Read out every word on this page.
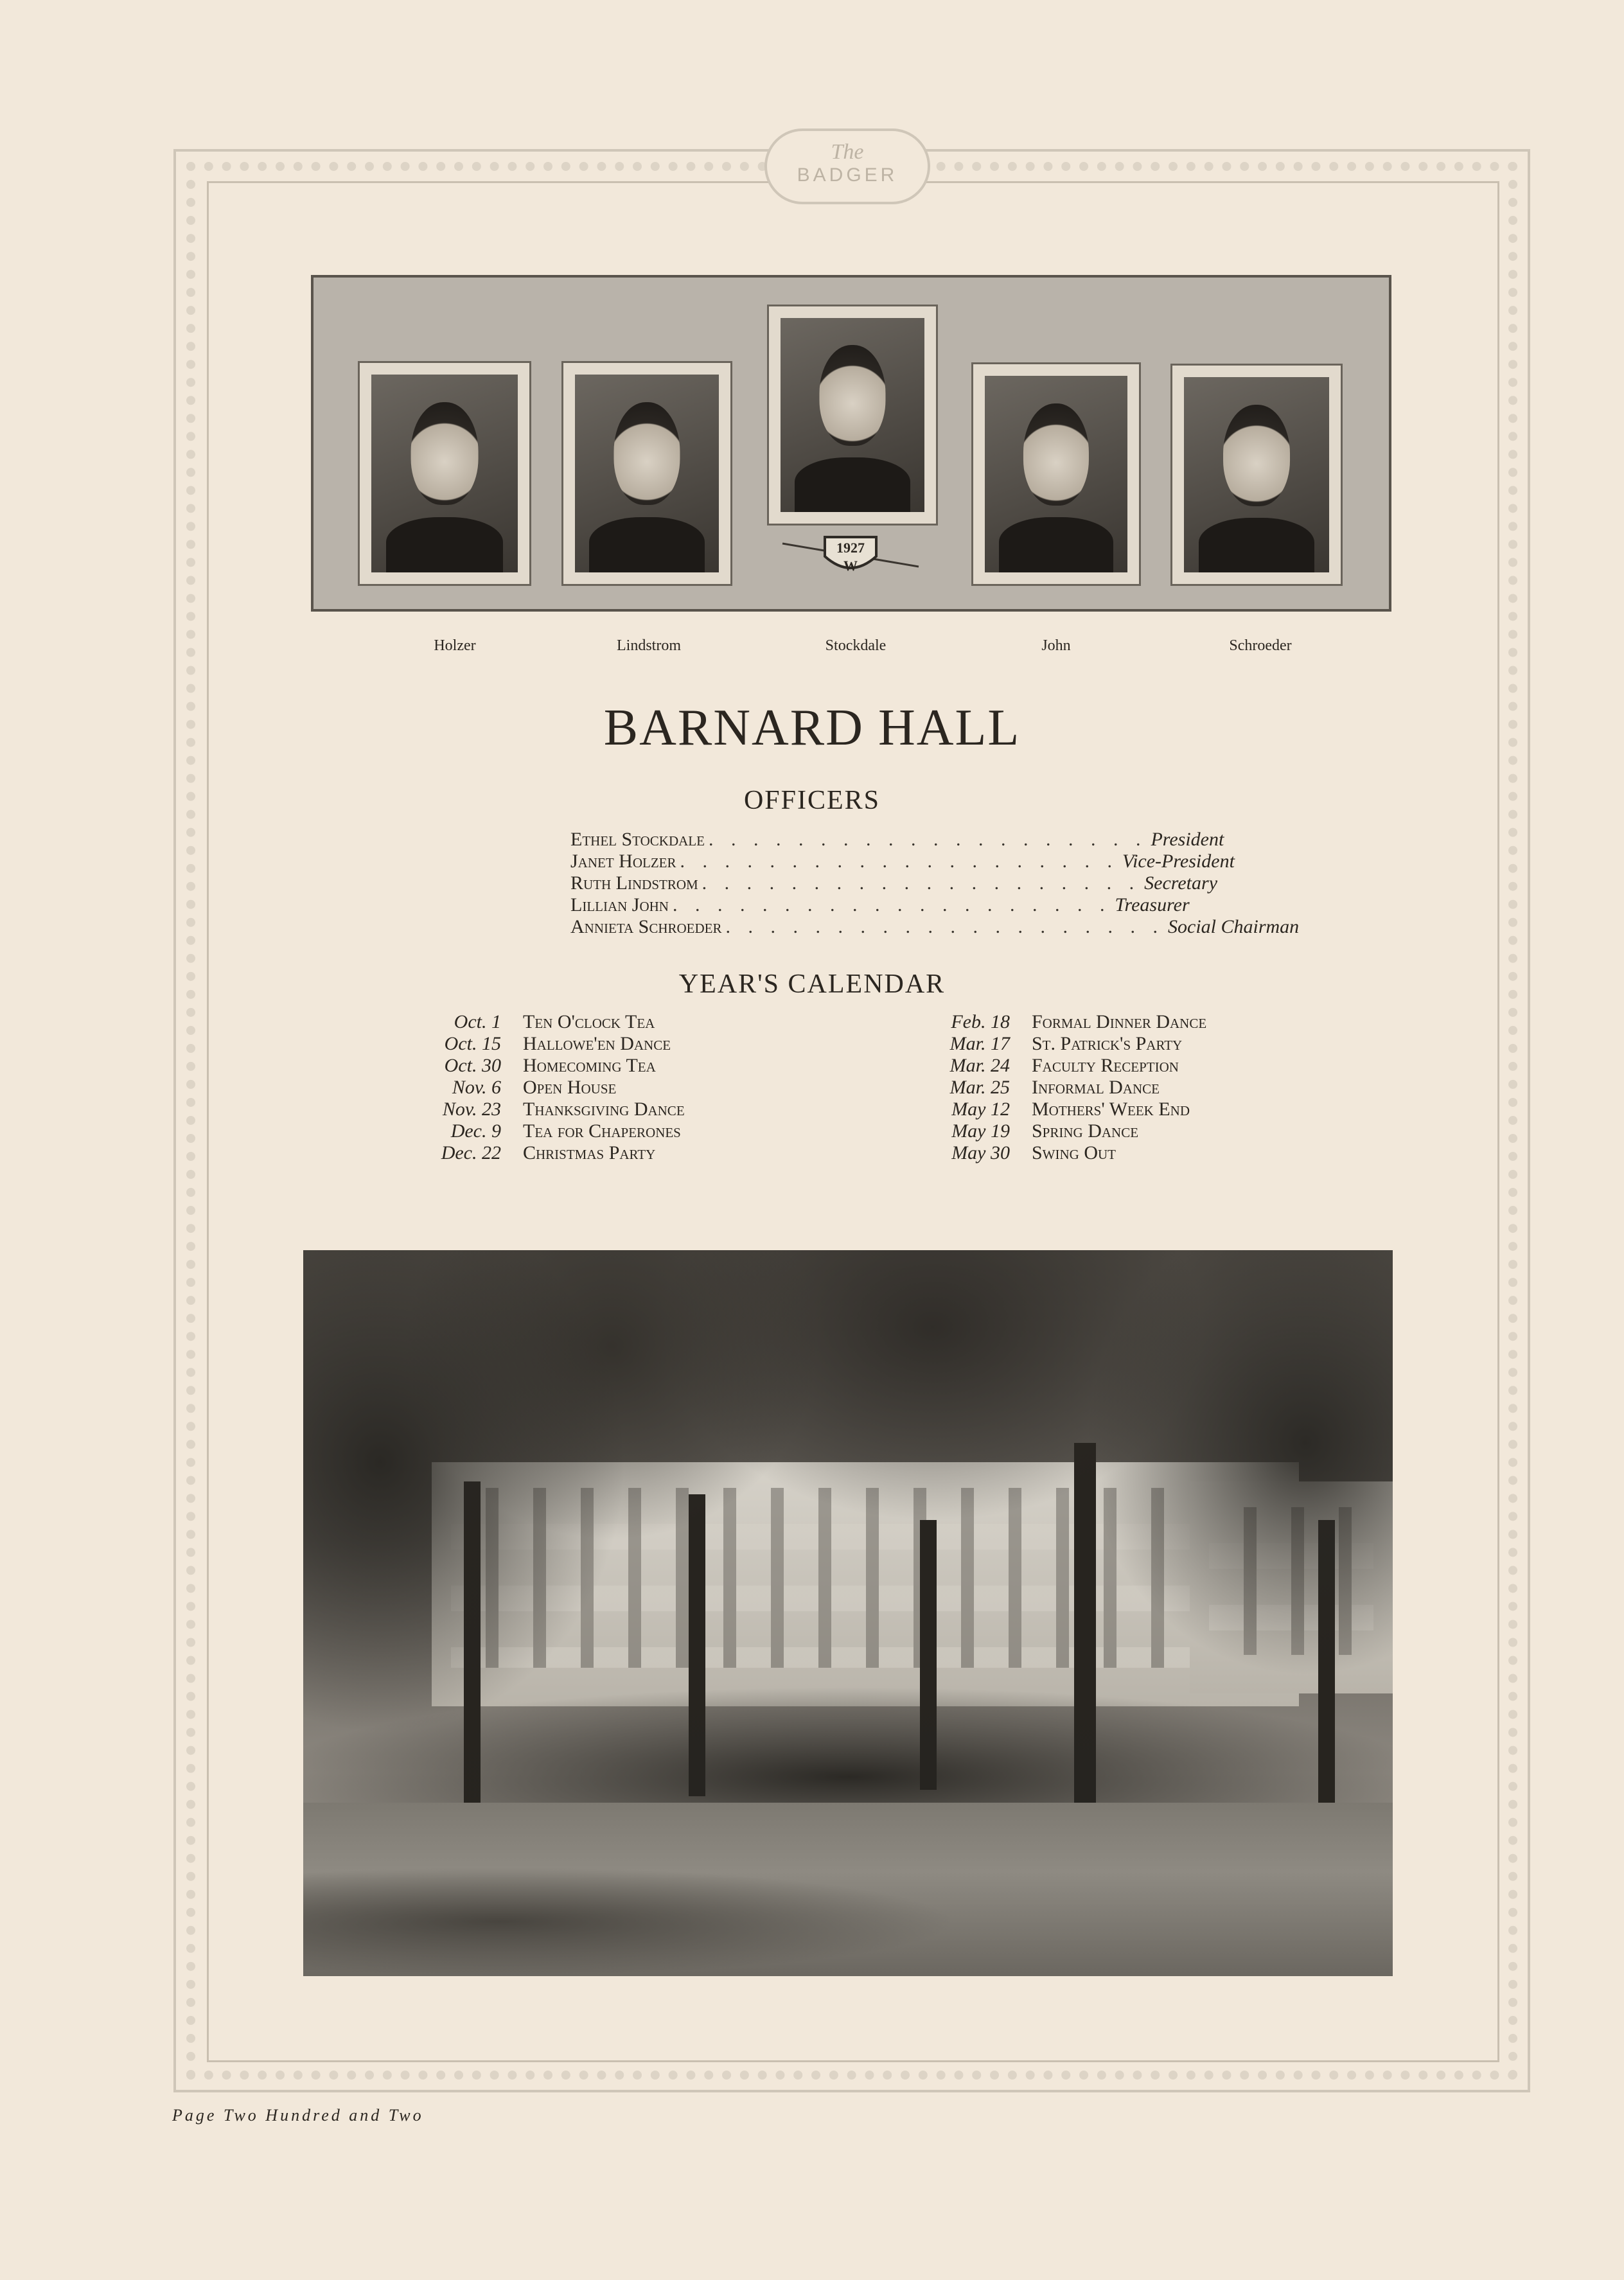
The
BADGER
1927
W
Holzer	Lindstrom	Stockdale	John	Schroeder
BARNARD HALL
OFFICERS
Ethel Stockdale . . . . . . . . . . . . . . . . . . . . President
Janet Holzer . . . . . . . . . . . . . . . . . . . . Vice-President
Ruth Lindstrom . . . . . . . . . . . . . . . . . . . . Secretary
Lillian John . . . . . . . . . . . . . . . . . . . . Treasurer
Annieta Schroeder . . . . . . . . . . . . . . . . . . . . Social Chairman
YEAR'S CALENDAR
Oct. 1	Ten O'clock Tea
Oct. 15	Hallowe'en Dance
Oct. 30	Homecoming Tea
Nov. 6	Open House
Nov. 23	Thanksgiving Dance
Dec. 9	Tea for Chaperones
Dec. 22	Christmas Party
Feb. 18	Formal Dinner Dance
Mar. 17	St. Patrick's Party
Mar. 24	Faculty Reception
Mar. 25	Informal Dance
May 12	Mothers' Week End
May 19	Spring Dance
May 30	Swing Out
Page Two Hundred and Two
